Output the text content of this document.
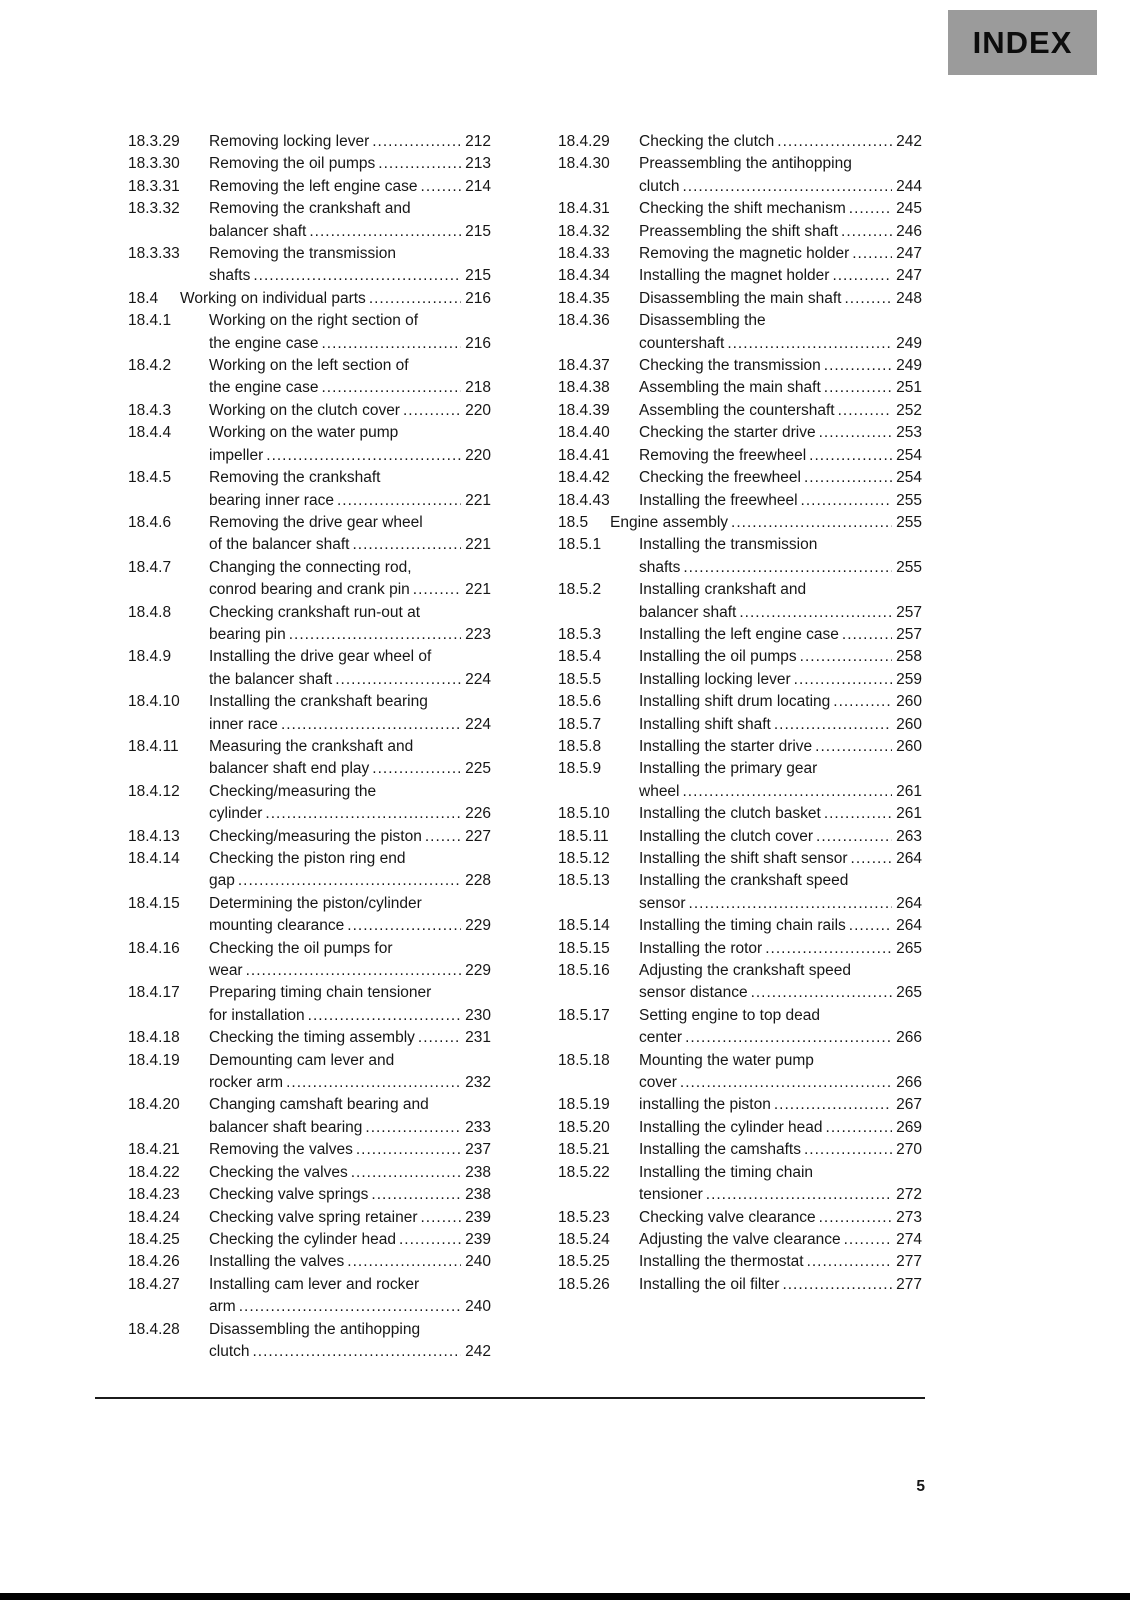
INDEX
18.3.29	Removing locking lever .....	212
18.3.30	Removing the oil pumps .....	213
18.3.31	Removing the left engine case .....	214
18.3.32	Removing the crankshaft and
balancer shaft .....	215
18.3.33	Removing the transmission
shafts .....	215
18.4	Working on individual parts .....	216
18.4.1	Working on the right section of
the engine case .....	216
18.4.2	Working on the left section of
the engine case .....	218
18.4.3	Working on the clutch cover .....	220
18.4.4	Working on the water pump
impeller .....	220
18.4.5	Removing the crankshaft
bearing inner race .....	221
18.4.6	Removing the drive gear wheel
of the balancer shaft .....	221
18.4.7	Changing the connecting rod,
conrod bearing and crank pin .....	221
18.4.8	Checking crankshaft run-out at
bearing pin .....	223
18.4.9	Installing the drive gear wheel of
the balancer shaft .....	224
18.4.10	Installing the crankshaft bearing
inner race .....	224
18.4.11	Measuring the crankshaft and
balancer shaft end play .....	225
18.4.12	Checking/measuring the
cylinder .....	226
18.4.13	Checking/measuring the piston .....	227
18.4.14	Checking the piston ring end
gap .....	228
18.4.15	Determining the piston/cylinder
mounting clearance .....	229
18.4.16	Checking the oil pumps for
wear .....	229
18.4.17	Preparing timing chain tensioner
for installation .....	230
18.4.18	Checking the timing assembly .....	231
18.4.19	Demounting cam lever and
rocker arm .....	232
18.4.20	Changing camshaft bearing and
balancer shaft bearing .....	233
18.4.21	Removing the valves .....	237
18.4.22	Checking the valves .....	238
18.4.23	Checking valve springs .....	238
18.4.24	Checking valve spring retainer .....	239
18.4.25	Checking the cylinder head .....	239
18.4.26	Installing the valves .....	240
18.4.27	Installing cam lever and rocker
arm .....	240
18.4.28	Disassembling the antihopping
clutch .....	242
18.4.29	Checking the clutch .....	242
18.4.30	Preassembling the antihopping
clutch .....	244
18.4.31	Checking the shift mechanism .....	245
18.4.32	Preassembling the shift shaft .....	246
18.4.33	Removing the magnetic holder .....	247
18.4.34	Installing the magnet holder .....	247
18.4.35	Disassembling the main shaft .....	248
18.4.36	Disassembling the
countershaft .....	249
18.4.37	Checking the transmission .....	249
18.4.38	Assembling the main shaft .....	251
18.4.39	Assembling the countershaft .....	252
18.4.40	Checking the starter drive .....	253
18.4.41	Removing the freewheel .....	254
18.4.42	Checking the freewheel .....	254
18.4.43	Installing the freewheel .....	255
18.5	Engine assembly .....	255
18.5.1	Installing the transmission
shafts .....	255
18.5.2	Installing crankshaft and
balancer shaft .....	257
18.5.3	Installing the left engine case .....	257
18.5.4	Installing the oil pumps .....	258
18.5.5	Installing locking lever .....	259
18.5.6	Installing shift drum locating .....	260
18.5.7	Installing shift shaft .....	260
18.5.8	Installing the starter drive .....	260
18.5.9	Installing the primary gear
wheel .....	261
18.5.10	Installing the clutch basket .....	261
18.5.11	Installing the clutch cover .....	263
18.5.12	Installing the shift shaft sensor .....	264
18.5.13	Installing the crankshaft speed
sensor .....	264
18.5.14	Installing the timing chain rails .....	264
18.5.15	Installing the rotor .....	265
18.5.16	Adjusting the crankshaft speed
sensor distance .....	265
18.5.17	Setting engine to top dead
center .....	266
18.5.18	Mounting the water pump
cover .....	266
18.5.19	installing the piston .....	267
18.5.20	Installing the cylinder head .....	269
18.5.21	Installing the camshafts .....	270
18.5.22	Installing the timing chain
tensioner .....	272
18.5.23	Checking valve clearance .....	273
18.5.24	Adjusting the valve clearance .....	274
18.5.25	Installing the thermostat .....	277
18.5.26	Installing the oil filter .....	277
5
